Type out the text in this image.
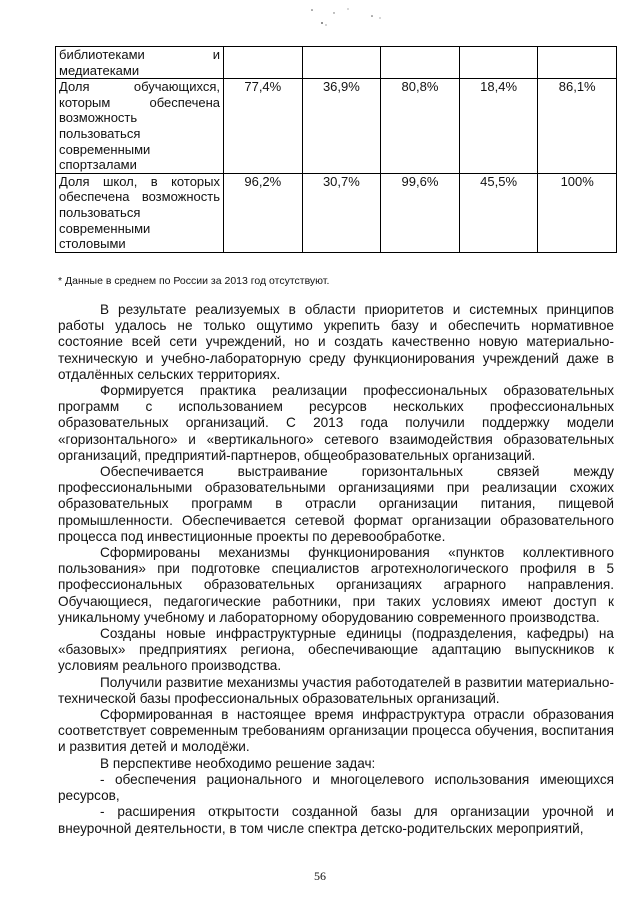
библиотеками и медиатеками					
Доля обучающихся, которым обеспечена возможность пользоваться современными спортзалами	77,4%	36,9%	80,8%	18,4%	86,1%
Доля школ, в которых обеспечена возможность пользоваться современными столовыми	96,2%	30,7%	99,6%	45,5%	100%
* Данные в среднем по России за 2013 год отсутствуют.

В результате реализуемых в области приоритетов и системных принципов работы удалось не только ощутимо укрепить базу и обеспечить нормативное состояние всей сети учреждений, но и создать качественно новую материально-техническую и учебно-лабораторную среду функционирования учреждений даже в отдалённых сельских территориях.

Формируется практика реализации профессиональных образовательных программ с использованием ресурсов нескольких профессиональных образовательных организаций. С 2013 года получили поддержку модели «горизонтального» и «вертикального» сетевого взаимодействия образовательных организаций, предприятий-партнеров, общеобразовательных организаций.

Обеспечивается выстраивание горизонтальных связей между профессиональными образовательными организациями при реализации схожих образовательных программ в отрасли организации питания, пищевой промышленности. Обеспечивается сетевой формат организации образовательного процесса под инвестиционные проекты по деревообработке.

Сформированы механизмы функционирования «пунктов коллективного пользования» при подготовке специалистов агротехнологического профиля в 5 профессиональных образовательных организациях аграрного направления. Обучающиеся, педагогические работники, при таких условиях имеют доступ к уникальному учебному и лабораторному оборудованию современного производства.

Созданы новые инфраструктурные единицы (подразделения, кафедры) на «базовых» предприятиях региона, обеспечивающие адаптацию выпускников к условиям реального производства.

Получили развитие механизмы участия работодателей в развитии материально-технической базы профессиональных образовательных организаций.

Сформированная в настоящее время инфраструктура отрасли образования соответствует современным требованиям организации процесса обучения, воспитания и развития детей и молодёжи.

В перспективе необходимо решение задач:

- обеспечения рационального и многоцелевого использования имеющихся ресурсов,

- расширения открытости созданной базы для организации урочной и внеурочной деятельности, в том числе спектра детско-родительских мероприятий,

56
